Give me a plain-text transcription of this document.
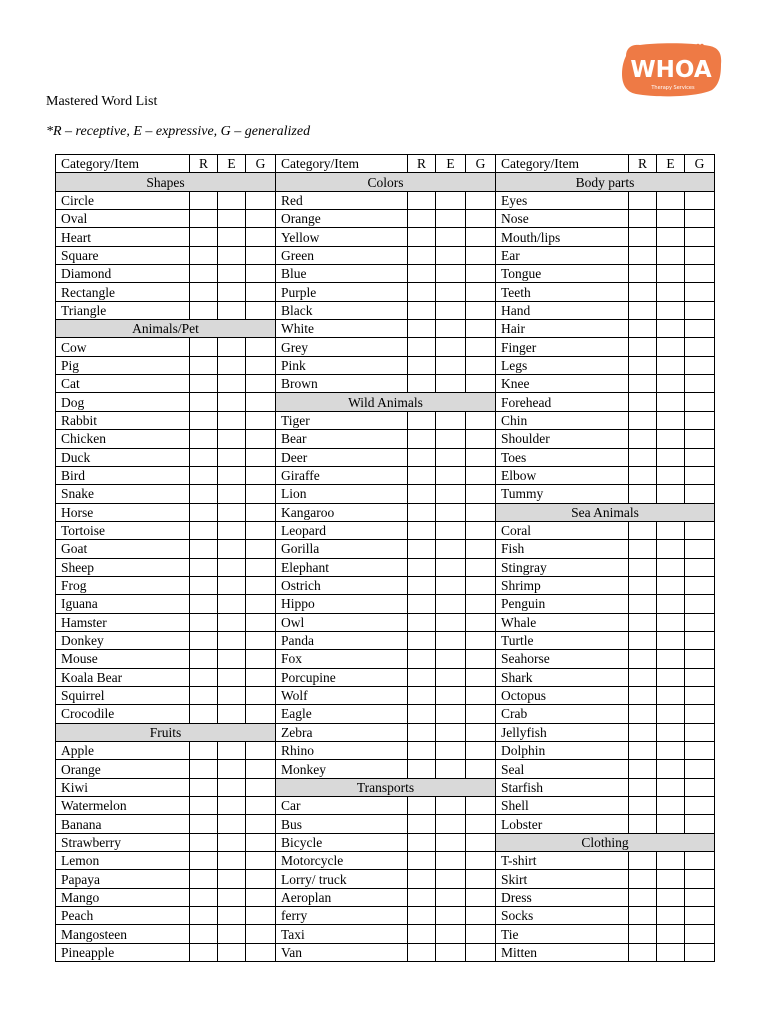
WHOA
Therapy Services
Mastered Word List
*R – receptive, E – expressive, G – generalized
Category/Item	R	E	G	Category/Item	R	E	G	Category/Item	R	E	G
Shapes				Colors				Body parts			
Circle				Red				Eyes			
Oval				Orange				Nose			
Heart				Yellow				Mouth/lips			
Square				Green				Ear			
Diamond				Blue				Tongue			
Rectangle				Purple				Teeth			
Triangle				Black				Hand			
Animals/Pet				White				Hair			
Cow				Grey				Finger			
Pig				Pink				Legs			
Cat				Brown				Knee			
Dog				Wild Animals				Forehead			
Rabbit				Tiger				Chin			
Chicken				Bear				Shoulder			
Duck				Deer				Toes			
Bird				Giraffe				Elbow			
Snake				Lion				Tummy			
Horse				Kangaroo				Sea Animals			
Tortoise				Leopard				Coral			
Goat				Gorilla				Fish			
Sheep				Elephant				Stingray			
Frog				Ostrich				Shrimp			
Iguana				Hippo				Penguin			
Hamster				Owl				Whale			
Donkey				Panda				Turtle			
Mouse				Fox				Seahorse			
Koala Bear				Porcupine				Shark			
Squirrel				Wolf				Octopus			
Crocodile				Eagle				Crab			
Fruits				Zebra				Jellyfish			
Apple				Rhino				Dolphin			
Orange				Monkey				Seal			
Kiwi				Transports				Starfish			
Watermelon				Car				Shell			
Banana				Bus				Lobster			
Strawberry				Bicycle				Clothing			
Lemon				Motorcycle				T-shirt			
Papaya				Lorry/ truck				Skirt			
Mango				Aeroplan				Dress			
Peach				ferry				Socks			
Mangosteen				Taxi				Tie			
Pineapple				Van				Mitten			
